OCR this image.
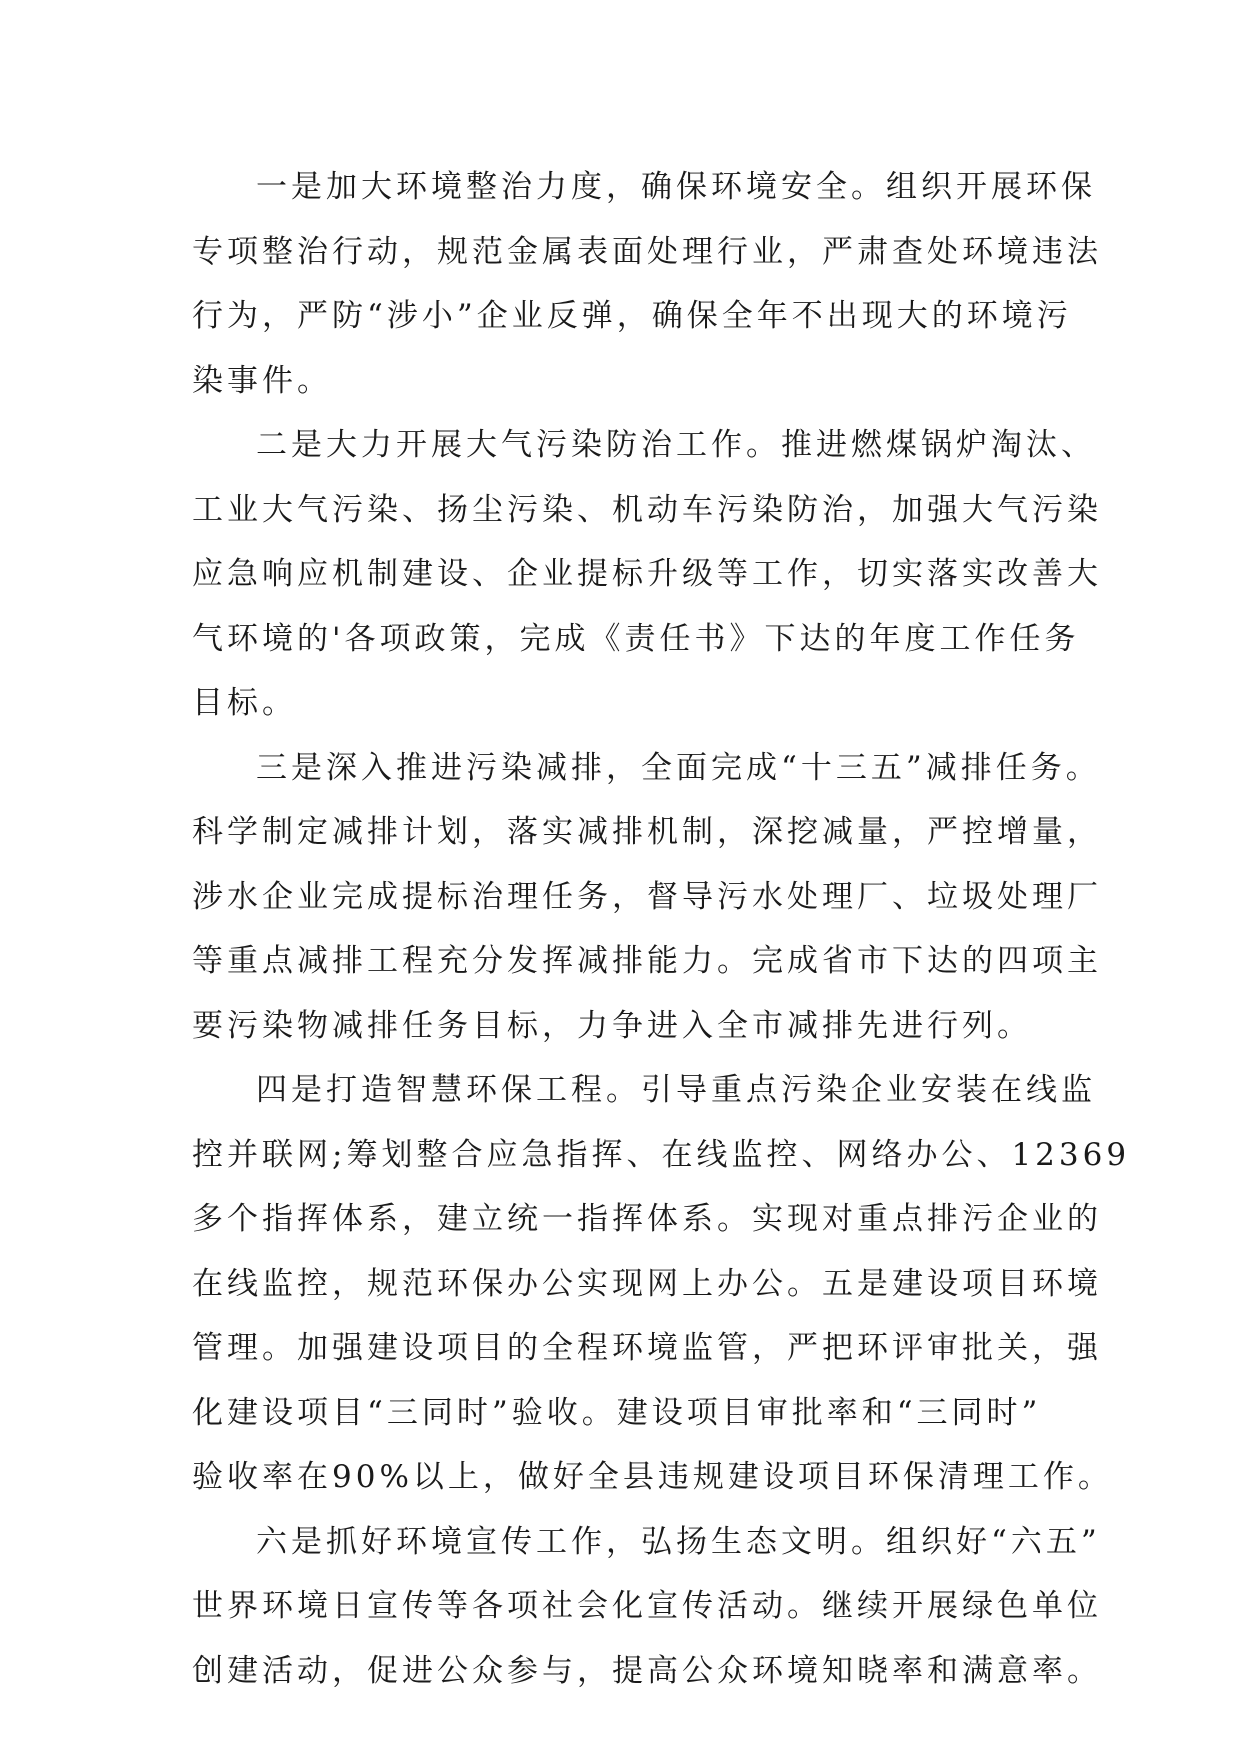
一是加大环境整治力度，确保环境安全。组织开展环保
专项整治行动，规范金属表面处理行业，严肃查处环境违法
行为，严防“涉小”企业反弹，确保全年不出现大的环境污
染事件。
二是大力开展大气污染防治工作。推进燃煤锅炉淘汰、
工业大气污染、扬尘污染、机动车污染防治，加强大气污染
应急响应机制建设、企业提标升级等工作，切实落实改善大
气环境的'各项政策，完成《责任书》下达的年度工作任务
目标。
三是深入推进污染减排，全面完成“十三五”减排任务。
科学制定减排计划，落实减排机制，深挖减量，严控增量，
涉水企业完成提标治理任务，督导污水处理厂、垃圾处理厂
等重点减排工程充分发挥减排能力。完成省市下达的四项主
要污染物减排任务目标，力争进入全市减排先进行列。
四是打造智慧环保工程。引导重点污染企业安装在线监
控并联网;筹划整合应急指挥、在线监控、网络办公、12369
多个指挥体系，建立统一指挥体系。实现对重点排污企业的
在线监控，规范环保办公实现网上办公。五是建设项目环境
管理。加强建设项目的全程环境监管，严把环评审批关，强
化建设项目“三同时”验收。建设项目审批率和“三同时”
验收率在90%以上，做好全县违规建设项目环保清理工作。
六是抓好环境宣传工作，弘扬生态文明。组织好“六五”
世界环境日宣传等各项社会化宣传活动。继续开展绿色单位
创建活动，促进公众参与，提高公众环境知晓率和满意率。
